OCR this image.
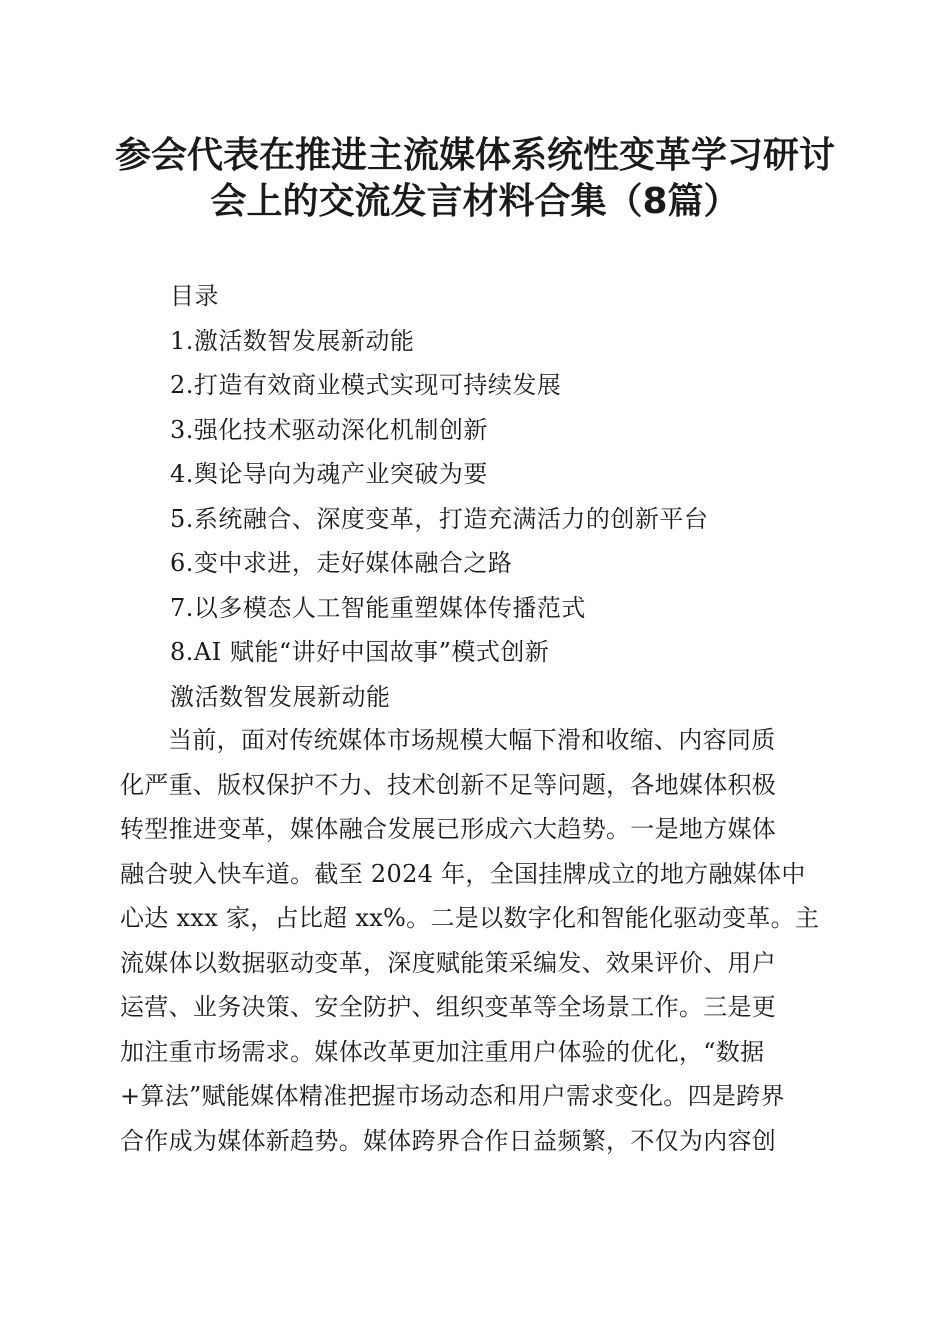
参会代表在推进主流媒体系统性变革学习研讨
会上的交流发言材料合集（8篇）
目录
1.激活数智发展新动能
2.打造有效商业模式实现可持续发展
3.强化技术驱动深化机制创新
4.舆论导向为魂产业突破为要
5.系统融合、深度变革，打造充满活力的创新平台
6.变中求进，走好媒体融合之路
7.以多模态人工智能重塑媒体传播范式
8.AI 赋能“讲好中国故事”模式创新
激活数智发展新动能
当前，面对传统媒体市场规模大幅下滑和收缩、内容同质
化严重、版权保护不力、技术创新不足等问题，各地媒体积极
转型推进变革，媒体融合发展已形成六大趋势。一是地方媒体
融合驶入快车道。截至 2024 年，全国挂牌成立的地方融媒体中
心达 xxx 家，占比超 xx%。二是以数字化和智能化驱动变革。主
流媒体以数据驱动变革，深度赋能策采编发、效果评价、用户
运营、业务决策、安全防护、组织变革等全场景工作。三是更
加注重市场需求。媒体改革更加注重用户体验的优化，“数据
+算法”赋能媒体精准把握市场动态和用户需求变化。四是跨界
合作成为媒体新趋势。媒体跨界合作日益频繁，不仅为内容创
